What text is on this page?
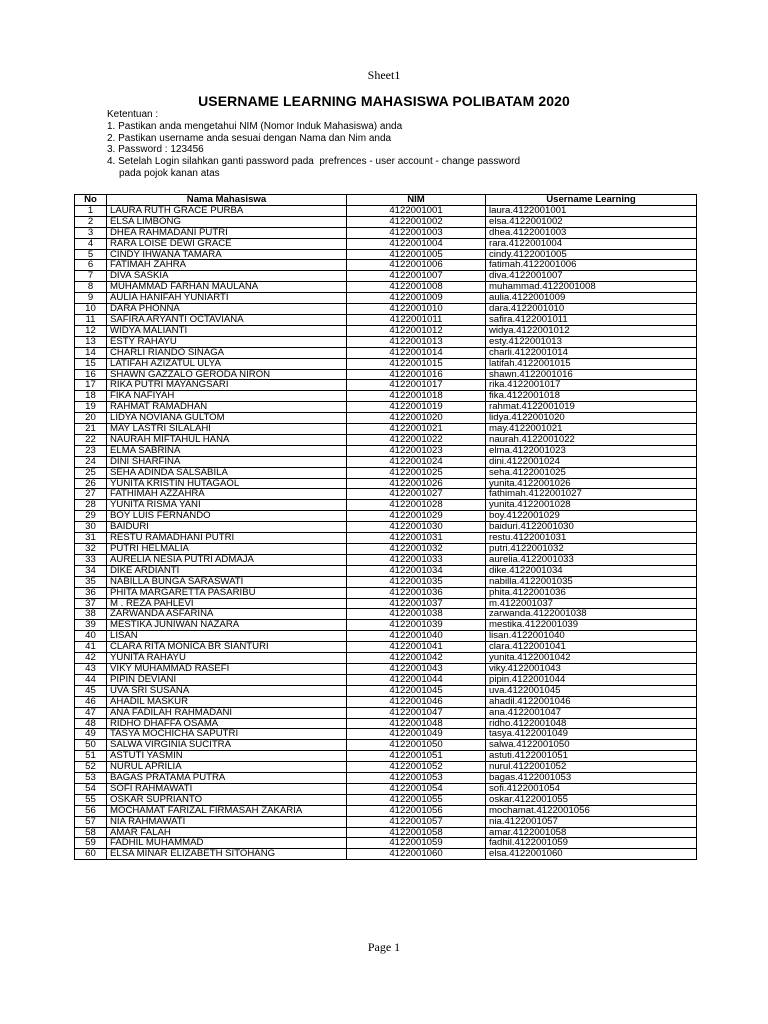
Sheet1
USERNAME LEARNING MAHASISWA POLIBATAM 2020
Ketentuan :
1. Pastikan anda mengetahui NIM (Nomor Induk Mahasiswa) anda
2. Pastikan username anda sesuai dengan Nama dan Nim anda
3. Password : 123456
4. Setelah Login silahkan ganti password pada  prefrences - user account - change password
pada pojok kanan atas
No	Nama Mahasiswa	NIM	Username Learning
1	LAURA RUTH GRACE PURBA	4122001001	laura.4122001001
2	ELSA LIMBONG	4122001002	elsa.4122001002
3	DHEA RAHMADANI PUTRI	4122001003	dhea.4122001003
4	RARA LOISE DEWI GRACE	4122001004	rara.4122001004
5	CINDY IHWANA TAMARA	4122001005	cindy.4122001005
6	FATIMAH ZAHRA	4122001006	fatimah.4122001006
7	DIVA SASKIA	4122001007	diva.4122001007
8	MUHAMMAD FARHAN MAULANA	4122001008	muhammad.4122001008
9	AULIA HANIFAH YUNIARTI	4122001009	aulia.4122001009
10	DARA PHONNA	4122001010	dara.4122001010
11	SAFIRA ARYANTI OCTAVIANA	4122001011	safira.4122001011
12	WIDYA MALIANTI	4122001012	widya.4122001012
13	ESTY RAHAYU	4122001013	esty.4122001013
14	CHARLI RIANDO SINAGA	4122001014	charli.4122001014
15	LATIFAH AZIZATUL ULYA	4122001015	latifah.4122001015
16	SHAWN GAZZALO GERODA NIRON	4122001016	shawn.4122001016
17	RIKA PUTRI MAYANGSARI	4122001017	rika.4122001017
18	FIKA NAFIYAH	4122001018	fika.4122001018
19	RAHMAT RAMADHAN	4122001019	rahmat.4122001019
20	LIDYA NOVIANA GULTOM	4122001020	lidya.4122001020
21	MAY LASTRI SILALAHI	4122001021	may.4122001021
22	NAURAH MIFTAHUL HANA	4122001022	naurah.4122001022
23	ELMA SABRINA	4122001023	elma.4122001023
24	DINI SHARFINA	4122001024	dini.4122001024
25	SEHA ADINDA SALSABILA	4122001025	seha.4122001025
26	YUNITA KRISTIN HUTAGAOL	4122001026	yunita.4122001026
27	FATHIMAH AZZAHRA	4122001027	fathimah.4122001027
28	YUNITA RISMA YANI	4122001028	yunita.4122001028
29	BOY LUIS FERNANDO	4122001029	boy.4122001029
30	BAIDURI	4122001030	baiduri.4122001030
31	RESTU RAMADHANI PUTRI	4122001031	restu.4122001031
32	PUTRI HELMALIA	4122001032	putri.4122001032
33	AURELIA NESIA PUTRI ADMAJA	4122001033	aurelia.4122001033
34	DIKE ARDIANTI	4122001034	dike.4122001034
35	NABILLA BUNGA SARASWATI	4122001035	nabilla.4122001035
36	PHITA MARGARETTA PASARIBU	4122001036	phita.4122001036
37	M . REZA PAHLEVI	4122001037	m.4122001037
38	ZARWANDA ASFARINA	4122001038	zarwanda.4122001038
39	MESTIKA JUNIWAN NAZARA	4122001039	mestika.4122001039
40	LISAN	4122001040	lisan.4122001040
41	CLARA RITA MONICA BR SIANTURI	4122001041	clara.4122001041
42	YUNITA RAHAYU	4122001042	yunita.4122001042
43	VIKY MUHAMMAD RASEFI	4122001043	viky.4122001043
44	PIPIN DEVIANI	4122001044	pipin.4122001044
45	UVA SRI SUSANA	4122001045	uva.4122001045
46	AHADIL MASKUR	4122001046	ahadil.4122001046
47	ANA FADILAH RAHMADANI	4122001047	ana.4122001047
48	RIDHO DHAFFA OSAMA	4122001048	ridho.4122001048
49	TASYA MOCHICHA SAPUTRI	4122001049	tasya.4122001049
50	SALWA VIRGINIA SUCITRA	4122001050	salwa.4122001050
51	ASTUTI YASMIN	4122001051	astuti.4122001051
52	NURUL APRILIA	4122001052	nurul.4122001052
53	BAGAS PRATAMA PUTRA	4122001053	bagas.4122001053
54	SOFI RAHMAWATI	4122001054	sofi.4122001054
55	OSKAR SUPRIANTO	4122001055	oskar.4122001055
56	MOCHAMAT FARIZAL FIRMASAH ZAKARIA	4122001056	mochamat.4122001056
57	NIA RAHMAWATI	4122001057	nia.4122001057
58	AMAR FALAH	4122001058	amar.4122001058
59	FADHIL MUHAMMAD	4122001059	fadhil.4122001059
60	ELSA MINAR ELIZABETH SITOHANG	4122001060	elsa.4122001060
Page 1
